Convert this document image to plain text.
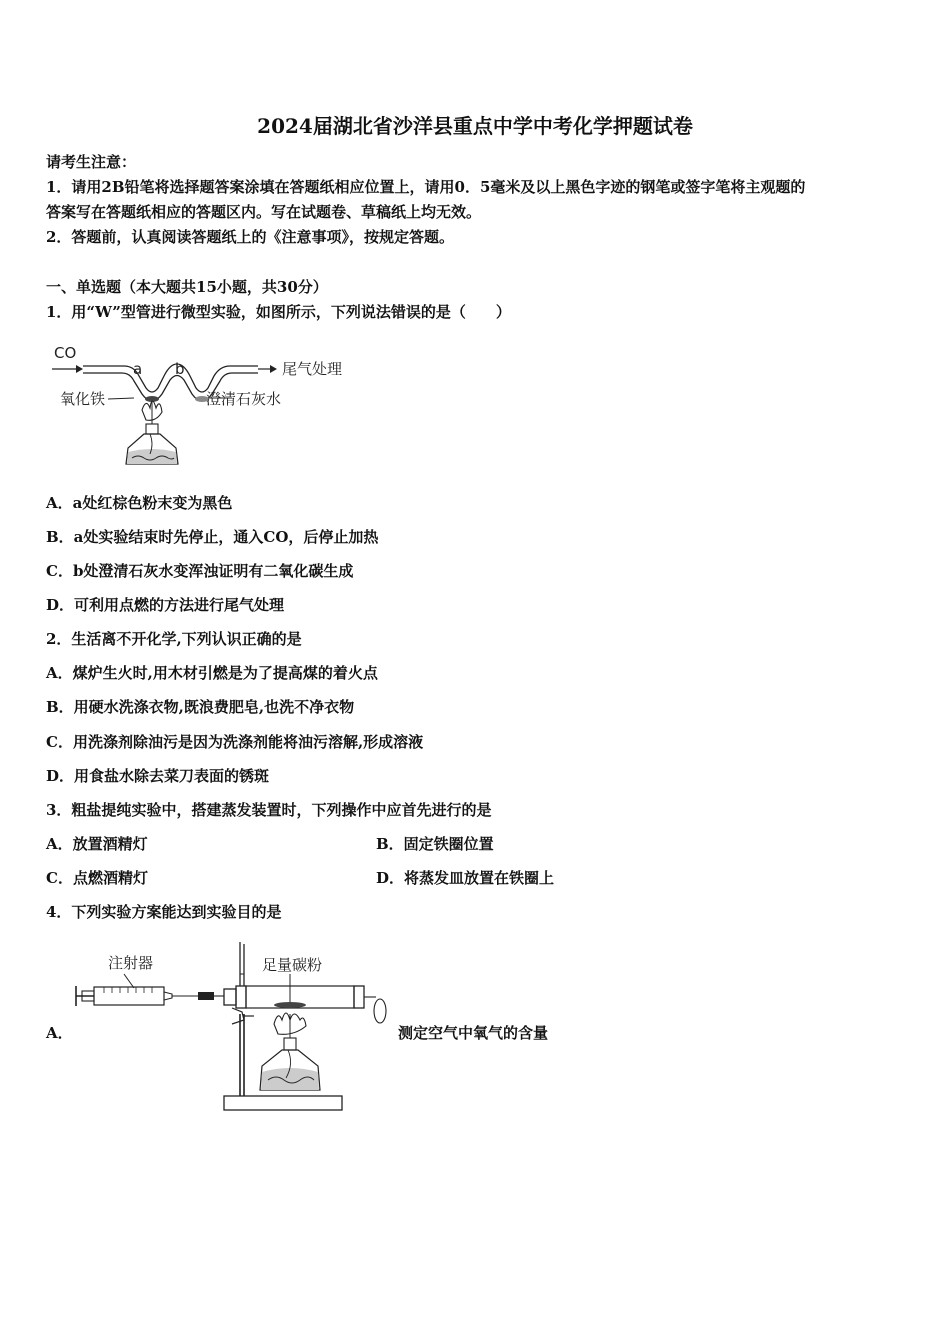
2024届湖北省沙洋县重点中学中考化学押题试卷
请考生注意：
1．请用2B铅笔将选择题答案涂填在答题纸相应位置上，请用0．5毫米及以上黑色字迹的钢笔或签字笔将主观题的
答案写在答题纸相应的答题区内。写在试题卷、草稿纸上均无效。
2．答题前，认真阅读答题纸上的《注意事项》，按规定答题。
一、单选题（本大题共15小题，共30分）
1．用“W”型管进行微型实验，如图所示，下列说法错误的是（　　）
CO
尾气处理
a b
氧化铁	澄清石灰水
A．a处红棕色粉末变为黑色
B．a处实验结束时先停止，通入CO，后停止加热
C．b处澄清石灰水变浑浊证明有二氧化碳生成
D．可利用点燃的方法进行尾气处理
2．生活离不开化学,下列认识正确的是
A．煤炉生火时,用木材引燃是为了提高煤的着火点
B．用硬水洗涤衣物,既浪费肥皂,也洗不净衣物
C．用洗涤剂除油污是因为洗涤剂能将油污溶解,形成溶液
D．用食盐水除去菜刀表面的锈斑
3．粗盐提纯实验中，搭建蒸发装置时，下列操作中应首先进行的是
A．放置酒精灯	B．固定铁圈位置
C．点燃酒精灯	D．将蒸发皿放置在铁圈上
4．下列实验方案能达到实验目的是
A．
注射器	足量碳粉
测定空气中氧气的含量
